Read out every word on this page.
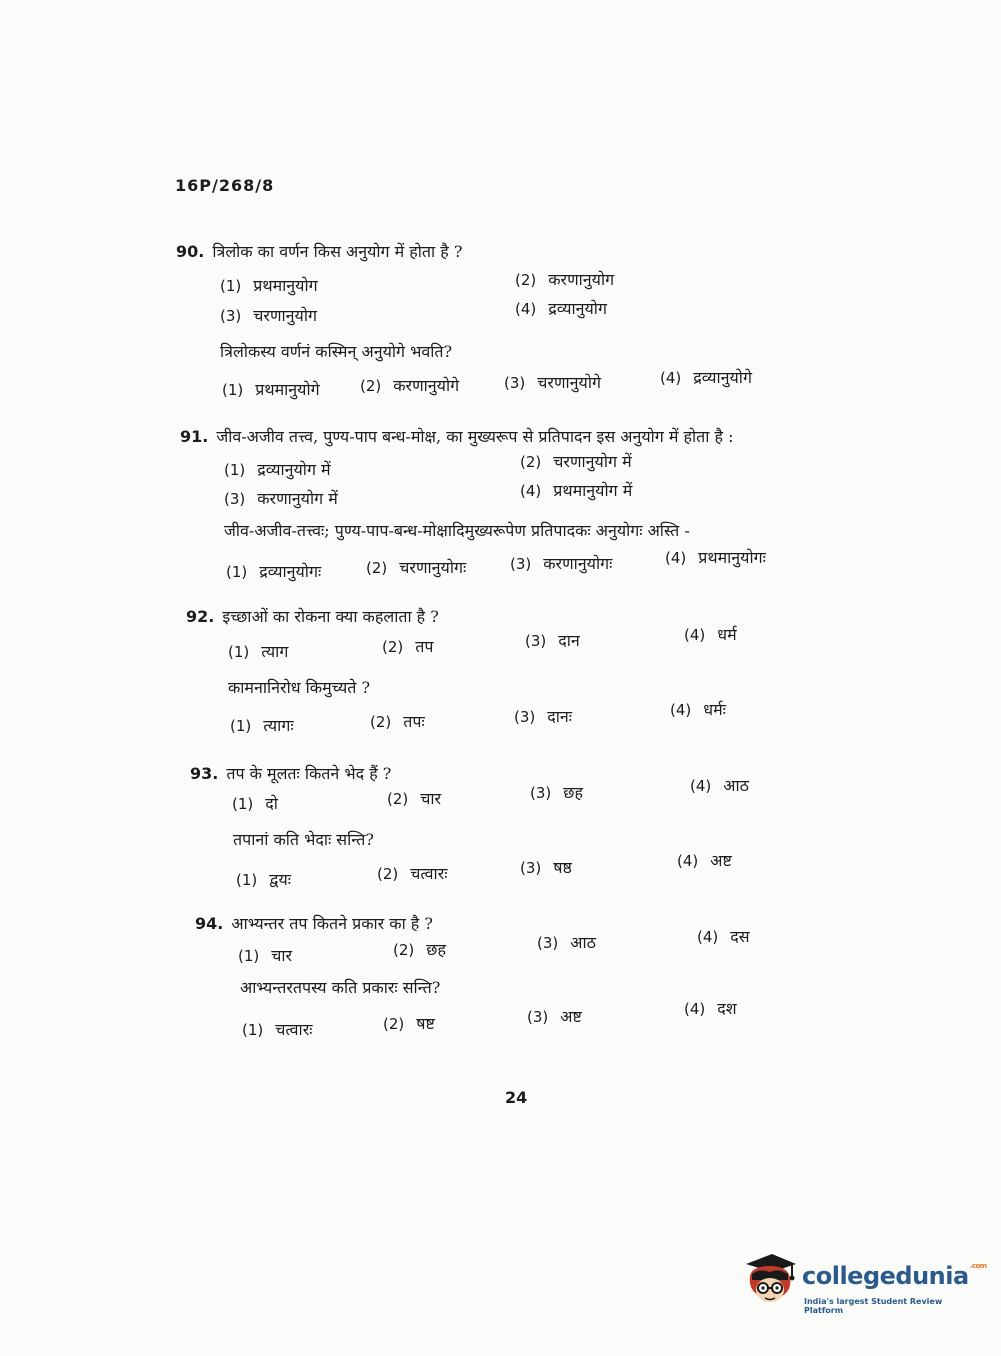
16P/268/8
90. त्रिलोक का वर्णन किस अनुयोग में होता है ?
(1) प्रथमानुयोग	(2) करणानुयोग
(3) चरणानुयोग	(4) द्रव्यानुयोग
त्रिलोकस्य वर्णनं कस्मिन् अनुयोगे भवति?
(1) प्रथमानुयोगे	(2) करणानुयोगे	(3) चरणानुयोगे	(4) द्रव्यानुयोगे
91. जीव-अजीव तत्त्व, पुण्य-पाप बन्ध-मोक्ष, का मुख्यरूप से प्रतिपादन इस अनुयोग में होता है :
(1) द्रव्यानुयोग में	(2) चरणानुयोग में
(3) करणानुयोग में	(4) प्रथमानुयोग में
जीव-अजीव-तत्त्वः; पुण्य-पाप-बन्ध-मोक्षादिमुख्यरूपेण प्रतिपादकः अनुयोगः अस्ति -
(1) द्रव्यानुयोगः	(2) चरणानुयोगः	(3) करणानुयोगः	(4) प्रथमानुयोगः
92. इच्छाओं का रोकना क्या कहलाता है ?
(1) त्याग	(2) तप	(3) दान	(4) धर्म
कामनानिरोध किमुच्यते ?
(1) त्यागः	(2) तपः	(3) दानः	(4) धर्मः
93. तप के मूलतः कितने भेद हैं ?
(1) दो	(2) चार	(3) छह	(4) आठ
तपानां कति भेदाः सन्ति?
(1) द्वयः	(2) चत्वारः	(3) षष्ठ	(4) अष्ट
94. आभ्यन्तर तप कितने प्रकार का है ?
(1) चार	(2) छह	(3) आठ	(4) दस
आभ्यन्तरतपस्य कति प्रकारः सन्ति?
(1) चत्वारः	(2) षष्ट	(3) अष्ट	(4) दश
24
collegedunia$^{.com}$
India's largest Student Review Platform
